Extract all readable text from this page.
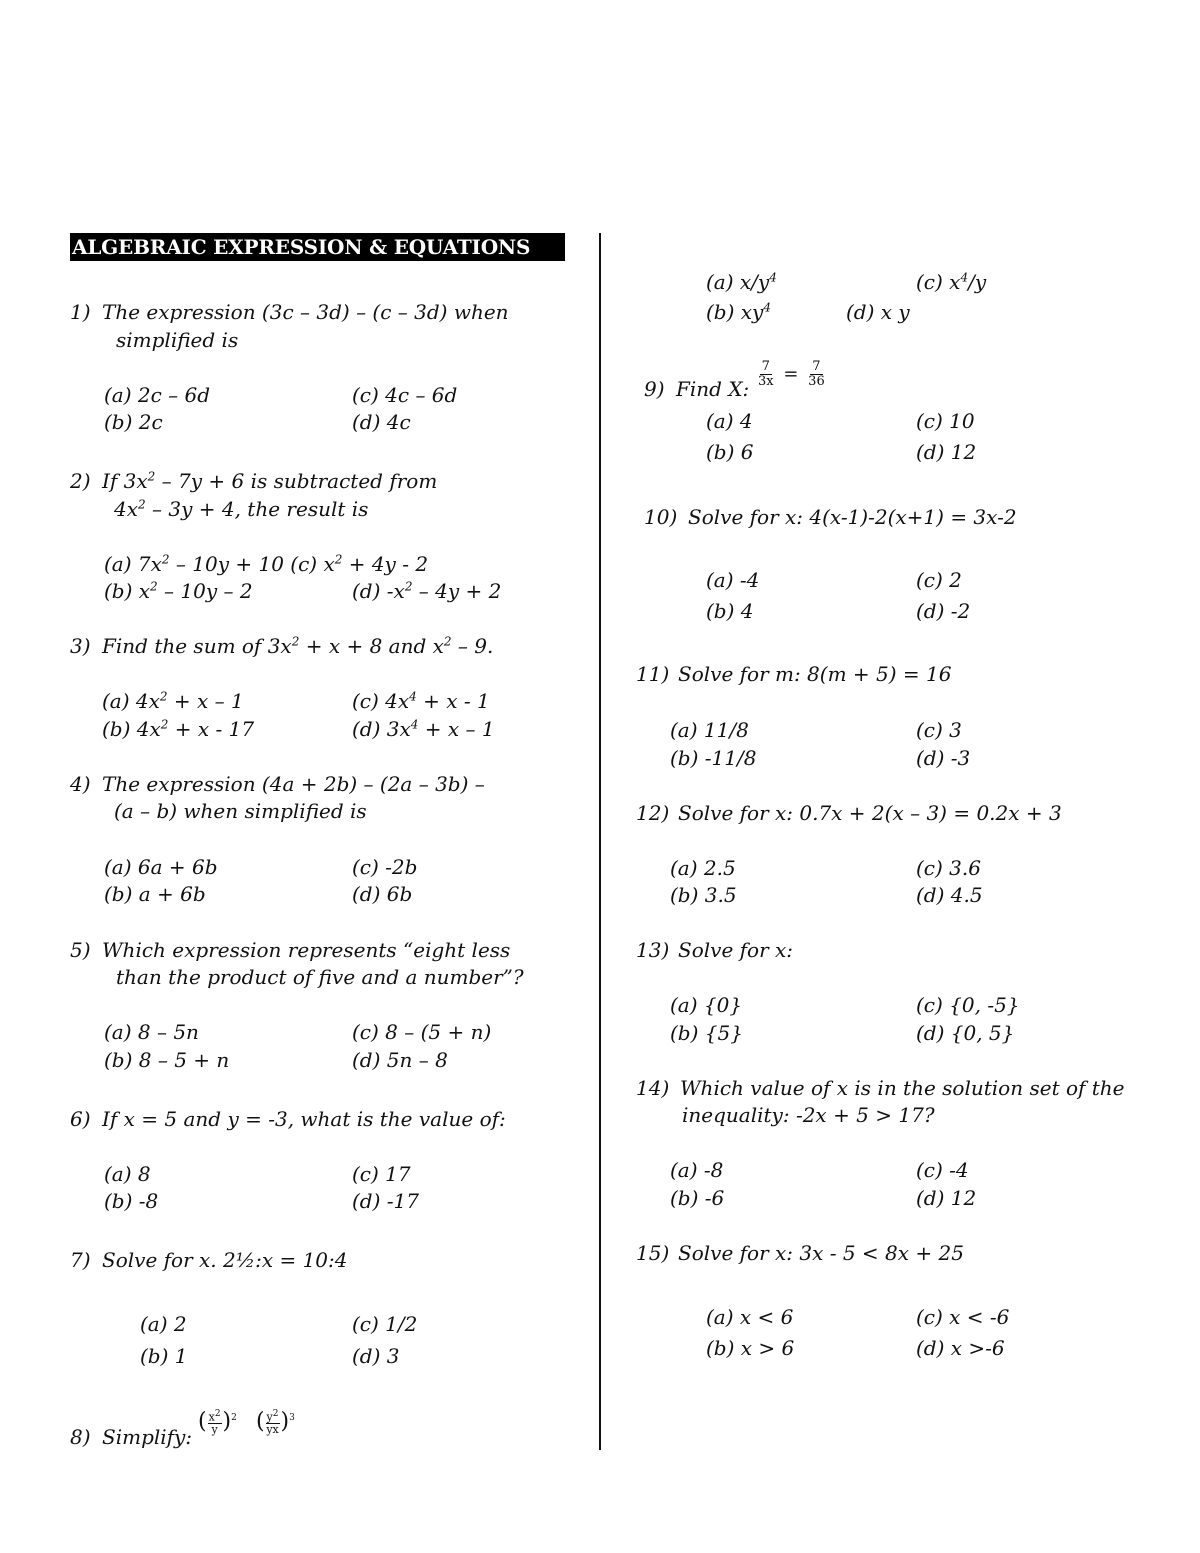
ALGEBRAIC EXPRESSION & EQUATIONS
1) The expression (3c – 3d) – (c – 3d) when
simplified is
(a) 2c – 6d
(b) 2c
(c) 4c – 6d
(d) 4c
2) If $3x^2 - 7y + 6$ is subtracted from
$4x^2 - 3y + 4$, the result is
(a) $7x^2 - 10y + 10$ (c) $x^2 + 4y - 2$
(b) $x^2 - 10y - 2$	(d) $-x^2 - 4y + 2$
3) Find the sum of $3x^2 + x + 8$ and $x^2 - 9$.
(a) $4x^2 + x - 1$
(b) $4x^2 + x - 17$
(c) $4x^4 + x - 1$
(d) $3x^4 + x - 1$
4) The expression (4a + 2b) – (2a – 3b) –
(a – b) when simplified is
(a) 6a + 6b
(b) a + 6b
(c) -2b
(d) 6b
5) Which expression represents “eight less
than the product of five and a number”?
(a) 8 – 5n
(b) 8 – 5 + n
(c) 8 – (5 + n)
(d) 5n – 8
6) If x = 5 and y = -3, what is the value of:
(a) 8
(b) -8
(c) 17
(d) -17
7) Solve for x. 2½:x = 10:4
(a) 2
(b) 1
(c) 1/2
(d) 3
8) Simplify:
( $\frac{x^2}{y} )^2$ ( $\frac{y^2}{yx} )^3$
(a) $x/y^4$	(c) $x^4/y$
(b) $xy^4$	(d) x y
9) Find X: $\frac{7}{3x} = \frac{7}{36}$
(a) 4
(b) 6
(c) 10
(d) 12
10) Solve for x: 4(x-1)-2(x+1) = 3x-2
(a) -4
(b) 4
(c) 2
(d) -2
11) Solve for m: 8(m + 5) = 16
(a) 11/8
(b) -11/8
(c) 3
(d) -3
12) Solve for x: 0.7x + 2(x – 3) = 0.2x + 3
(a) 2.5
(b) 3.5
(c) 3.6
(d) 4.5
13) Solve for x:
(a) {0}
(b) {5}
(c) {0, -5}
(d) {0, 5}
14) Which value of x is in the solution set of the
inequality: -2x + 5 > 17?
(a) -8
(b) -6
(c) -4
(d) 12
15) Solve for x: 3x - 5 < 8x + 25
(a) x < 6
(b) x > 6
(c) x < -6
(d) x >-6
